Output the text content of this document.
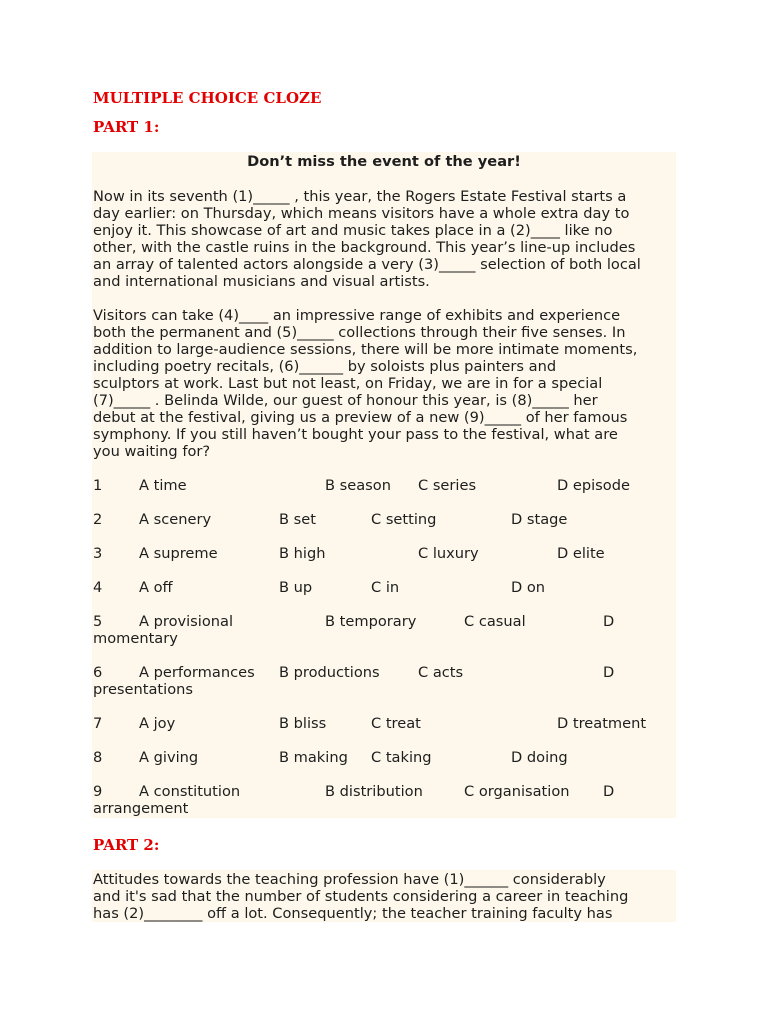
MULTIPLE CHOICE CLOZE
PART 1:
Don’t miss the event of the year!
Now in its seventh (1)_____ , this year, the Rogers Estate Festival starts a
day earlier: on Thursday, which means visitors have a whole extra day to
enjoy it. This showcase of art and music takes place in a (2)____ like no
other, with the castle ruins in the background. This year’s line-up includes
an array of talented actors alongside a very (3)_____ selection of both local
and international musicians and visual artists.
Visitors can take (4)____ an impressive range of exhibits and experience
both the permanent and (5)_____ collections through their five senses. In
addition to large-audience sessions, there will be more intimate moments,
including poetry recitals, (6)______ by soloists plus painters and
sculptors at work. Last but not least, on Friday, we are in for a special
(7)_____ . Belinda Wilde, our guest of honour this year, is (8)_____ her
debut at the festival, giving us a preview of a new (9)_____ of her famous
symphony. If you still haven’t bought your pass to the festival, what are
you waiting for?
1	A time	B season C series	D episode
2	A scenery	B set	C setting	D stage
3	A supreme	B high	C luxury	D elite
4	A off	B up	C in	D on
5	A provisional	B temporary	C casual	D
momentary
6	A performances B productions	C acts	D
presentations
7	A joy	B bliss	C treat	D treatment
8	A giving	B making C taking	D doing
9	A constitution	B distribution	C organisation D
arrangement
PART 2:
Attitudes towards the teaching profession have (1)______ considerably
and it's sad that the number of students considering a career in teaching
has (2)________ off a lot. Consequently; the teacher training faculty has
